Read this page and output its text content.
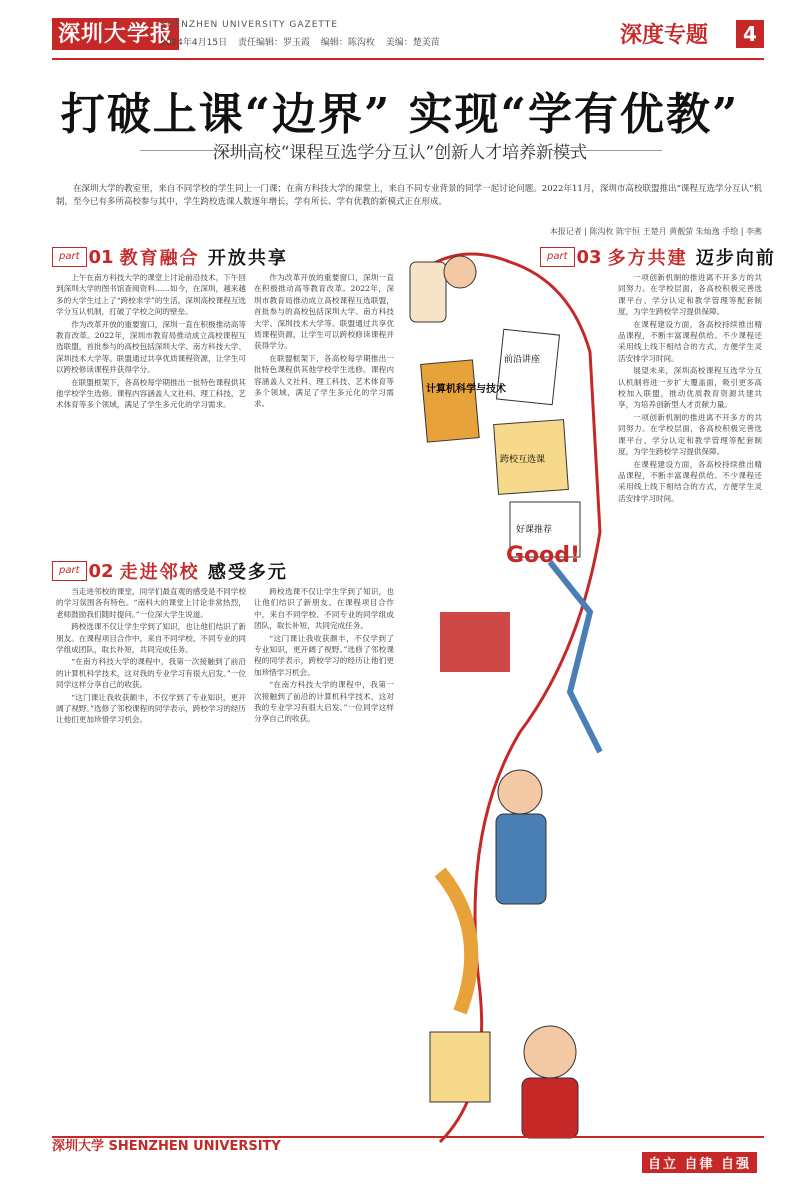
深圳大学报
SHENZHEN UNIVERSITY GAZETTE
2024年4月15日 责任编辑：罗玉霞 编辑：陈沟枚 美编：楚美苗	深度专题	4
打破上课“边界” 实现“学有优教”
深圳高校“课程互选学分互认”创新人才培养新模式

在深圳大学的教室里，来自不同学校的学生同上一门课；在南方科技大学的课堂上，来自不同专业背景的同学一起讨论问题。2022年11月，深圳市高校联盟推出“课程互选学分互认”机制，至今已有多所高校参与其中，学生跨校选课人数逐年增长，学有所长、学有优教的新模式正在形成。

本报记者 | 陈沟枚 陈宇恒 王楚月 黄靓萤 朱灿逸 手绘 | 李燕
part 01 教育融合 开放共享

上午在南方科技大学的课堂上讨论前沿技术，下午回到深圳大学的图书馆查阅资料……如今，在深圳，越来越多的大学生过上了“跨校求学”的生活。深圳高校课程互选学分互认机制，打破了学校之间的壁垒。

作为改革开放的重要窗口，深圳一直在积极推动高等教育改革。2022年，深圳市教育局推动成立高校课程互选联盟，首批参与的高校包括深圳大学、南方科技大学、深圳技术大学等。联盟通过共享优质课程资源，让学生可以跨校修读课程并获得学分。

在联盟框架下，各高校每学期推出一批特色课程供其他学校学生选修。课程内容涵盖人文社科、理工科技、艺术体育等多个领域，满足了学生多元化的学习需求。

作为改革开放的重要窗口，深圳一直在积极推动高等教育改革。2022年，深圳市教育局推动成立高校课程互选联盟，首批参与的高校包括深圳大学、南方科技大学、深圳技术大学等。联盟通过共享优质课程资源，让学生可以跨校修读课程并获得学分。

在联盟框架下，各高校每学期推出一批特色课程供其他学校学生选修。课程内容涵盖人文社科、理工科技、艺术体育等多个领域，满足了学生多元化的学习需求。

part 02 走进邻校 感受多元

当走进邻校的课堂，同学们最直观的感受是不同学校的学习氛围各有特色。“南科大的课堂上讨论非常热烈，老师鼓励我们随时提问。”一位深大学生说道。

跨校选课不仅让学生学到了知识，也让他们结识了新朋友。在课程项目合作中，来自不同学校、不同专业的同学组成团队，取长补短，共同完成任务。

“在南方科技大学的课程中，我第一次接触到了前沿的计算机科学技术，这对我的专业学习有很大启发。”一位同学这样分享自己的收获。

“这门课让我收获颇丰，不仅学到了专业知识，更开阔了视野。”选修了邻校课程的同学表示，跨校学习的经历让他们更加珍惜学习机会。

跨校选课不仅让学生学到了知识，也让他们结识了新朋友。在课程项目合作中，来自不同学校、不同专业的同学组成团队，取长补短，共同完成任务。

“这门课让我收获颇丰，不仅学到了专业知识，更开阔了视野。”选修了邻校课程的同学表示，跨校学习的经历让他们更加珍惜学习机会。

“在南方科技大学的课程中，我第一次接触到了前沿的计算机科学技术，这对我的专业学习有很大启发。”一位同学这样分享自己的收获。

part 03 多方共建 迈步向前

一项创新机制的推进离不开多方的共同努力。在学校层面，各高校积极完善选课平台、学分认定和教学管理等配套制度，为学生跨校学习提供保障。

在课程建设方面，各高校持续推出精品课程，不断丰富课程供给。不少课程还采用线上线下相结合的方式，方便学生灵活安排学习时间。

展望未来，深圳高校课程互选学分互认机制将进一步扩大覆盖面，吸引更多高校加入联盟，推动优质教育资源共建共享，为培养创新型人才贡献力量。

一项创新机制的推进离不开多方的共同努力。在学校层面，各高校积极完善选课平台、学分认定和教学管理等配套制度，为学生跨校学习提供保障。

在课程建设方面，各高校持续推出精品课程，不断丰富课程供给。不少课程还采用线上线下相结合的方式，方便学生灵活安排学习时间。

计算机科学与技术
前沿讲座
跨校互选课
好课推荐
Good!
深圳大学 SHENZHEN UNIVERSITY
自立 自律 自强
